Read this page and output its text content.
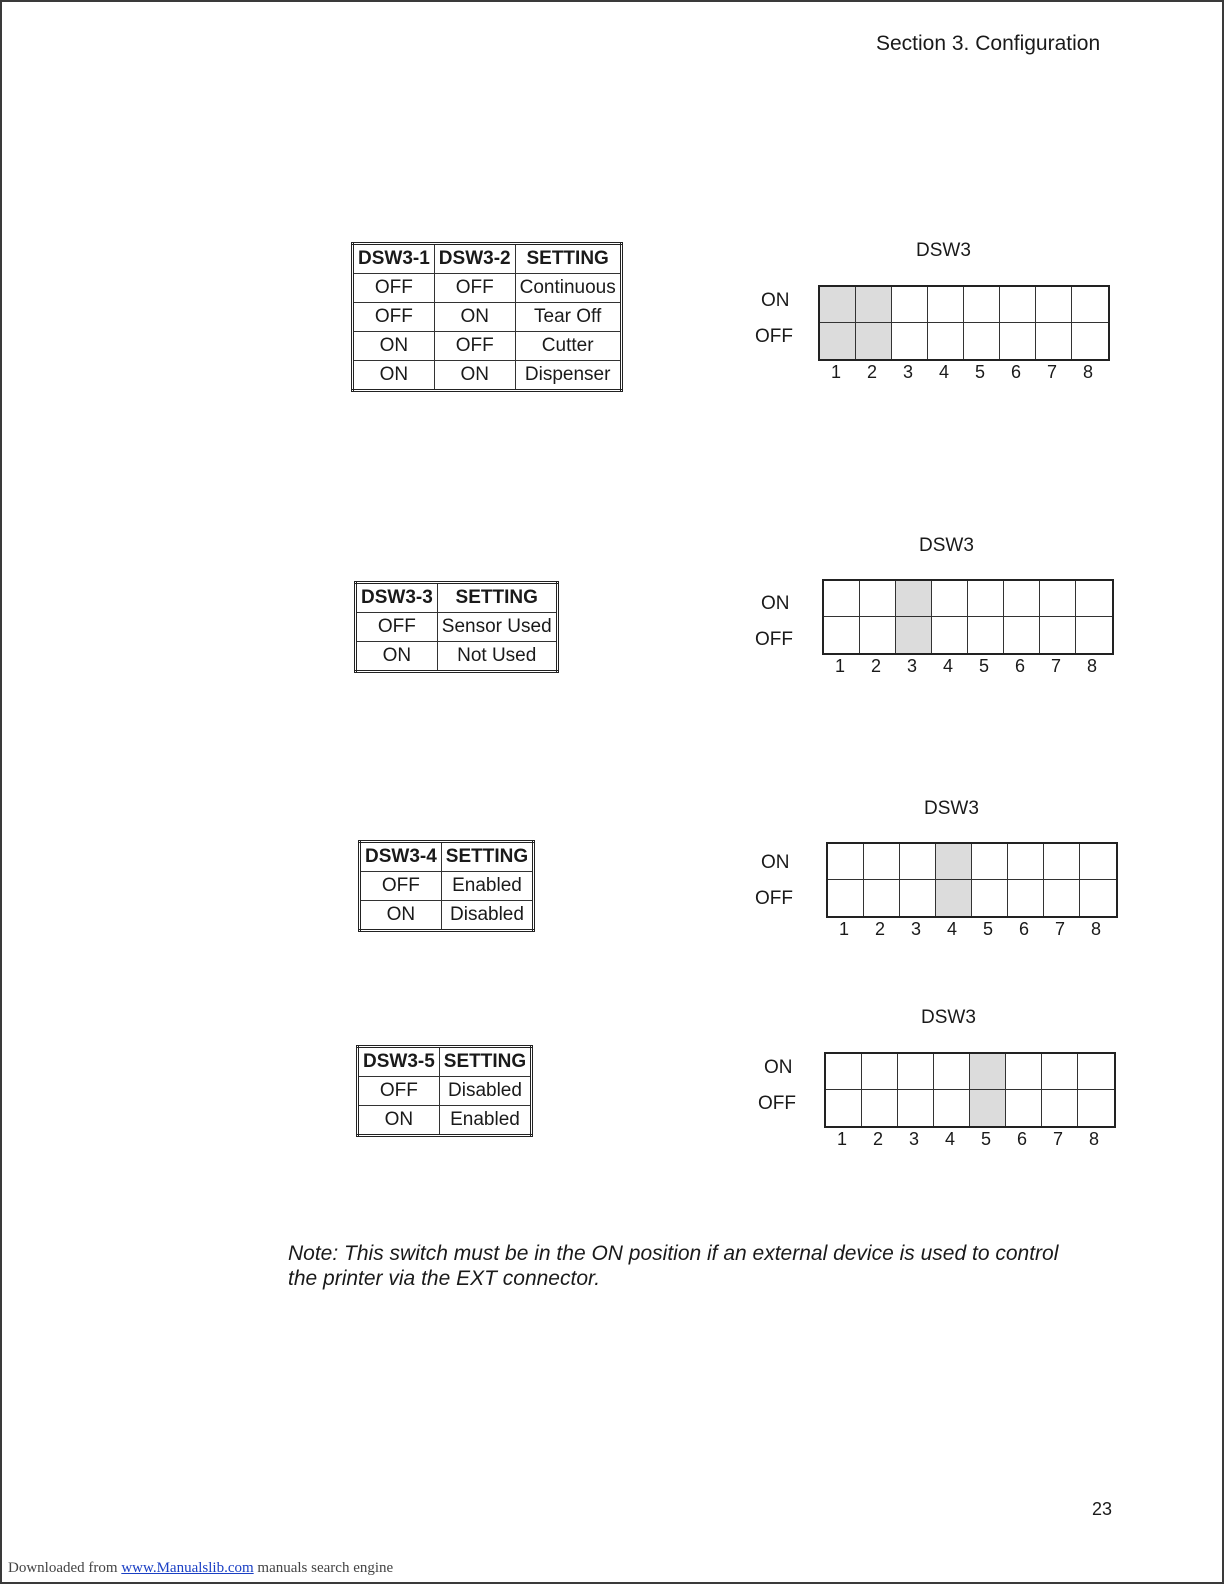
Section 3. Configuration
DSW3-1	DSW3-2	SETTING
OFF	OFF	Continuous
OFF	ON	Tear Off
ON	OFF	Cutter
ON	ON	Dispenser
DSW3
ON
OFF
1	2	3	4	5	6	7	8
DSW3-3	SETTING
OFF	Sensor Used
ON	Not Used
DSW3
ON
OFF
1	2	3	4	5	6	7	8
DSW3-4	SETTING
OFF	Enabled
ON	Disabled
DSW3
ON
OFF
1	2	3	4	5	6	7	8
DSW3-5	SETTING
OFF	Disabled
ON	Enabled
DSW3
ON
OFF
1	2	3	4	5	6	7	8
Note: This switch must be in the ON position if an external device is used to control
the printer via the EXT connector.
23
Downloaded from www.Manualslib.com manuals search engine
